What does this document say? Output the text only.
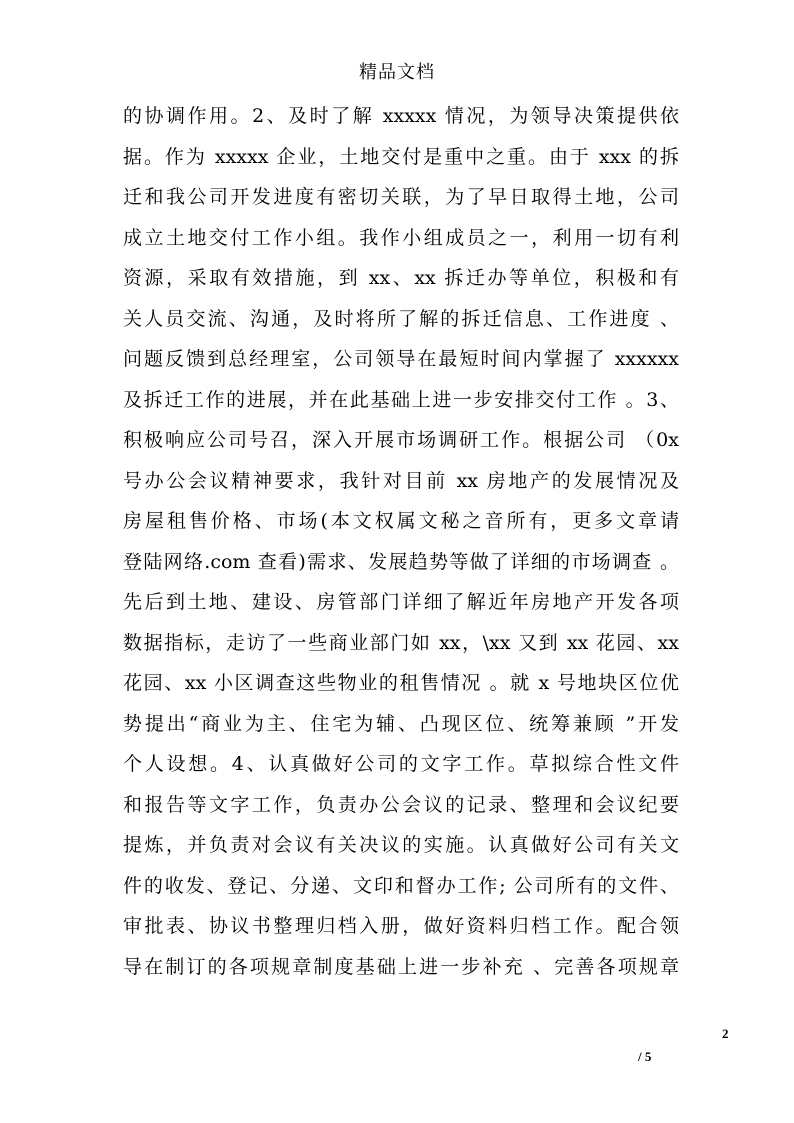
精品文档
的协调作用。2、及时了解 xxxxx 情况，为领导决策提供依
据。作为 xxxxx 企业，土地交付是重中之重。由于 xxx 的拆
迁和我公司开发进度有密切关联，为了早日取得土地，公司
成立土地交付工作小组。我作小组成员之一，利用一切有利
资源，采取有效措施，到 xx、xx 拆迁办等单位，积极和有
关人员交流、沟通，及时将所了解的拆迁信息、工作进度 、
问题反馈到总经理室，公司领导在最短时间内掌握了 xxxxxx
及拆迁工作的进展，并在此基础上进一步安排交付工作 。3、
积极响应公司号召，深入开展市场调研工作。根据公司 （0x
号办公会议精神要求，我针对目前 xx 房地产的发展情况及
房屋租售价格、市场(本文权属文秘之音所有，更多文章请
登陆网络.com 查看)需求、发展趋势等做了详细的市场调查 。
先后到土地、建设、房管部门详细了解近年房地产开发各项
数据指标，走访了一些商业部门如 xx，\xx 又到 xx 花园、xx
花园、xx 小区调查这些物业的租售情况 。就 x 号地块区位优
势提出“商业为主、住宅为辅、凸现区位、统筹兼顾 ”开发
个人设想。4、认真做好公司的文字工作。草拟综合性文件
和报告等文字工作，负责办公会议的记录、整理和会议纪要
提炼，并负责对会议有关决议的实施。认真做好公司有关文
件的收发、登记、分递、文印和督办工作; 公司所有的文件、
审批表、协议书整理归档入册，做好资料归档工作。配合领
导在制订的各项规章制度基础上进一步补充 、完善各项规章
2
/ 5
